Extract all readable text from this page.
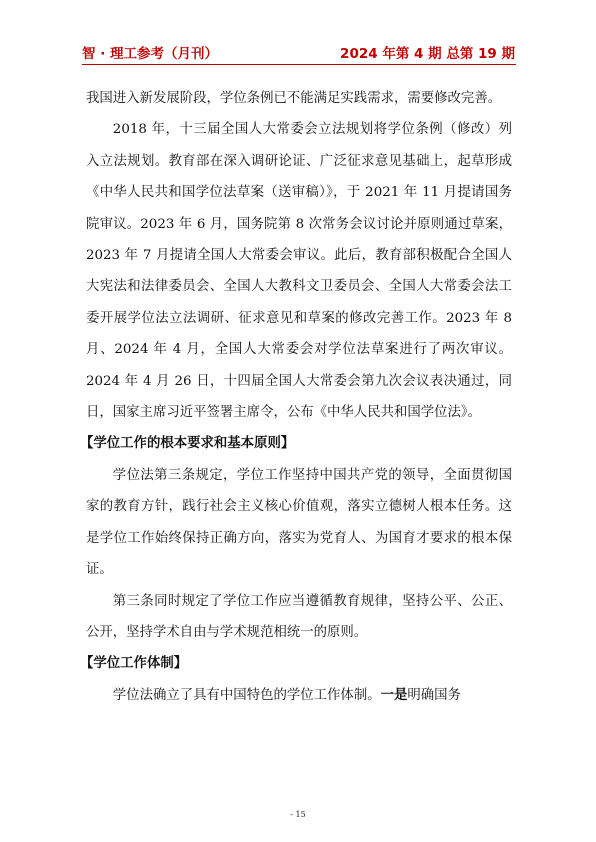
智 · 理工参考（月刊）	2024 年第 4 期 总第 19 期

我国进入新发展阶段，学位条例已不能满足实践需求，需要修改完善。

2018 年，十三届全国人大常委会立法规划将学位条例（修改）列入立法规划。教育部在深入调研论证、广泛征求意见基础上，起草形成《中华人民共和国学位法草案（送审稿）》，于 2021 年 11 月提请国务院审议。2023 年 6 月，国务院第 8 次常务会议讨论并原则通过草案，2023 年 7 月提请全国人大常委会审议。此后，教育部积极配合全国人大宪法和法律委员会、全国人大教科文卫委员会、全国人大常委会法工委开展学位法立法调研、征求意见和草案的修改完善工作。2023 年 8 月、2024 年 4 月，全国人大常委会对学位法草案进行了两次审议。2024 年 4 月 26 日，十四届全国人大常委会第九次会议表决通过，同日，国家主席习近平签署主席令，公布《中华人民共和国学位法》。

【学位工作的根本要求和基本原则】

学位法第三条规定，学位工作坚持中国共产党的领导，全面贯彻国家的教育方针，践行社会主义核心价值观，落实立德树人根本任务。这是学位工作始终保持正确方向，落实为党育人、为国育才要求的根本保证。

第三条同时规定了学位工作应当遵循教育规律，坚持公平、公正、公开，坚持学术自由与学术规范相统一的原则。

【学位工作体制】

学位法确立了具有中国特色的学位工作体制。一是明确国务

- 15
